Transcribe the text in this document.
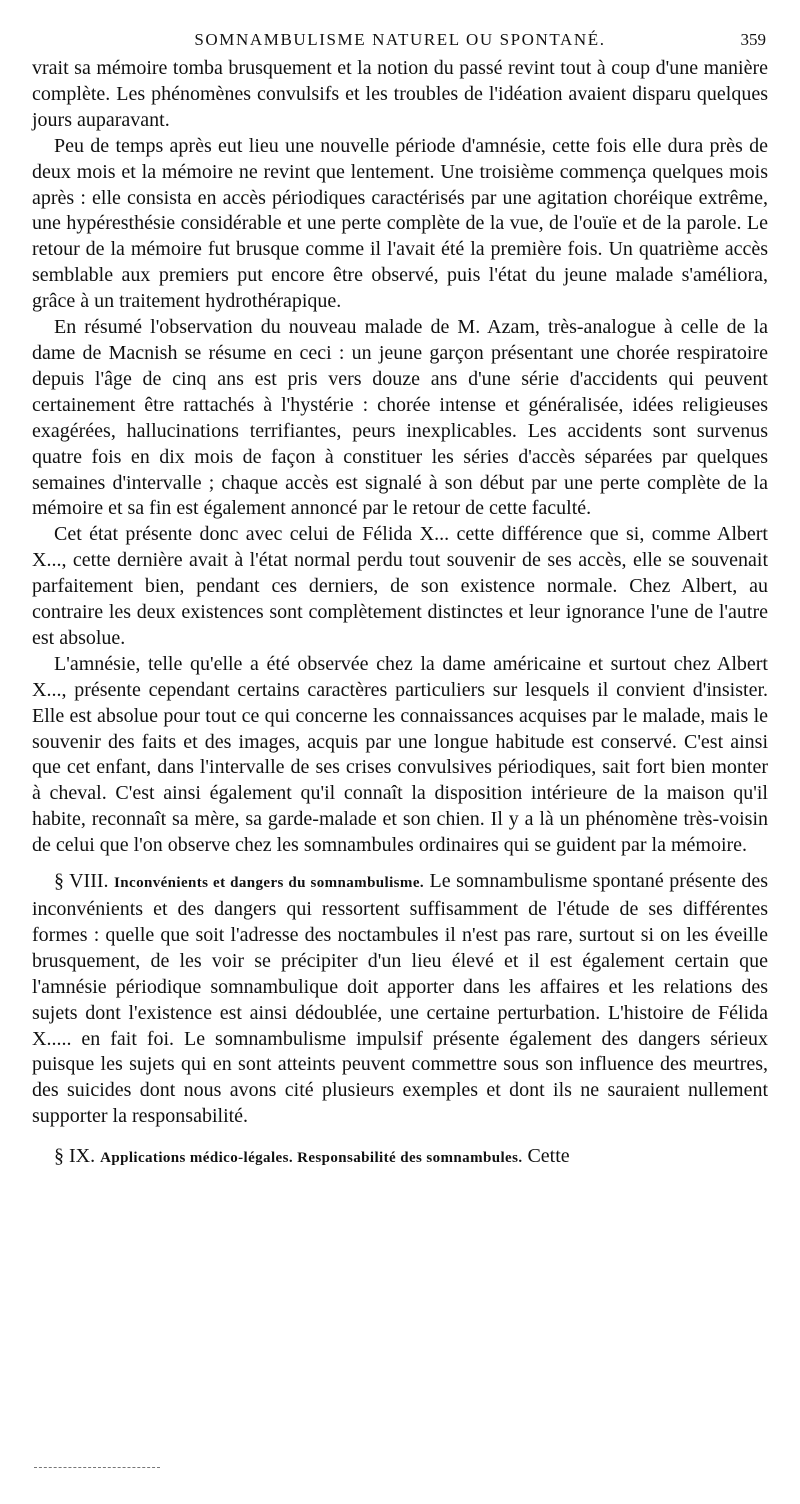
SOMNAMBULISME NATUREL OU SPONTANÉ.	359

vrait sa mémoire tomba brusquement et la notion du passé revint tout à coup d'une manière complète. Les phénomènes convulsifs et les troubles de l'idéation avaient disparu quelques jours auparavant.

Peu de temps après eut lieu une nouvelle période d'amnésie, cette fois elle dura près de deux mois et la mémoire ne revint que lentement. Une troisième commença quelques mois après : elle consista en accès périodiques caractérisés par une agitation choréique extrême, une hypéresthésie considérable et une perte complète de la vue, de l'ouïe et de la parole. Le retour de la mémoire fut brusque comme il l'avait été la première fois. Un quatrième accès semblable aux premiers put encore être observé, puis l'état du jeune malade s'améliora, grâce à un traitement hydrothérapique.

En résumé l'observation du nouveau malade de M. Azam, très-analogue à celle de la dame de Macnish se résume en ceci : un jeune garçon présentant une chorée respiratoire depuis l'âge de cinq ans est pris vers douze ans d'une série d'accidents qui peuvent certainement être rattachés à l'hystérie : chorée intense et généralisée, idées religieuses exagérées, hallucinations terrifiantes, peurs inexplicables. Les accidents sont survenus quatre fois en dix mois de façon à constituer les séries d'accès séparées par quelques semaines d'intervalle ; chaque accès est signalé à son début par une perte complète de la mémoire et sa fin est également annoncé par le retour de cette faculté.

Cet état présente donc avec celui de Félida X... cette différence que si, comme Albert X..., cette dernière avait à l'état normal perdu tout souvenir de ses accès, elle se souvenait parfaitement bien, pendant ces derniers, de son existence normale. Chez Albert, au contraire les deux existences sont complètement distinctes et leur ignorance l'une de l'autre est absolue.

L'amnésie, telle qu'elle a été observée chez la dame américaine et surtout chez Albert X..., présente cependant certains caractères particuliers sur lesquels il convient d'insister. Elle est absolue pour tout ce qui concerne les connaissances acquises par le malade, mais le souvenir des faits et des images, acquis par une longue habitude est conservé. C'est ainsi que cet enfant, dans l'intervalle de ses crises convulsives périodiques, sait fort bien monter à cheval. C'est ainsi également qu'il connaît la disposition intérieure de la maison qu'il habite, reconnaît sa mère, sa garde-malade et son chien. Il y a là un phénomène très-voisin de celui que l'on observe chez les somnambules ordinaires qui se guident par la mémoire.

§ VIII. Inconvénients et dangers du somnambulisme. Le somnambulisme spontané présente des inconvénients et des dangers qui ressortent suffisamment de l'étude de ses différentes formes : quelle que soit l'adresse des noctambules il n'est pas rare, surtout si on les éveille brusquement, de les voir se précipiter d'un lieu élevé et il est également certain que l'amnésie périodique somnambulique doit apporter dans les affaires et les relations des sujets dont l'existence est ainsi dédoublée, une certaine perturbation. L'histoire de Félida X..... en fait foi. Le somnambulisme impulsif présente également des dangers sérieux puisque les sujets qui en sont atteints peuvent commettre sous son influence des meurtres, des suicides dont nous avons cité plusieurs exemples et dont ils ne sauraient nullement supporter la responsabilité.

§ IX. Applications médico-légales. Responsabilité des somnambules. Cette
